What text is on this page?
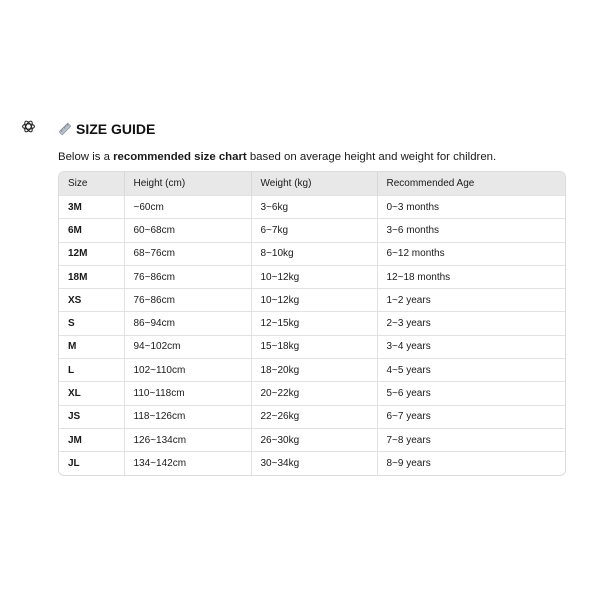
SIZE GUIDE
Below is a recommended size chart based on average height and weight for children.
Size	Height (cm)	Weight (kg)	Recommended Age
3M	~60cm	3~6kg	0~3 months
6M	60~68cm	6~7kg	3~6 months
12M	68~76cm	8~10kg	6~12 months
18M	76~86cm	10~12kg	12~18 months
XS	76~86cm	10~12kg	1~2 years
S	86~94cm	12~15kg	2~3 years
M	94~102cm	15~18kg	3~4 years
L	102~110cm	18~20kg	4~5 years
XL	110~118cm	20~22kg	5~6 years
JS	118~126cm	22~26kg	6~7 years
JM	126~134cm	26~30kg	7~8 years
JL	134~142cm	30~34kg	8~9 years
